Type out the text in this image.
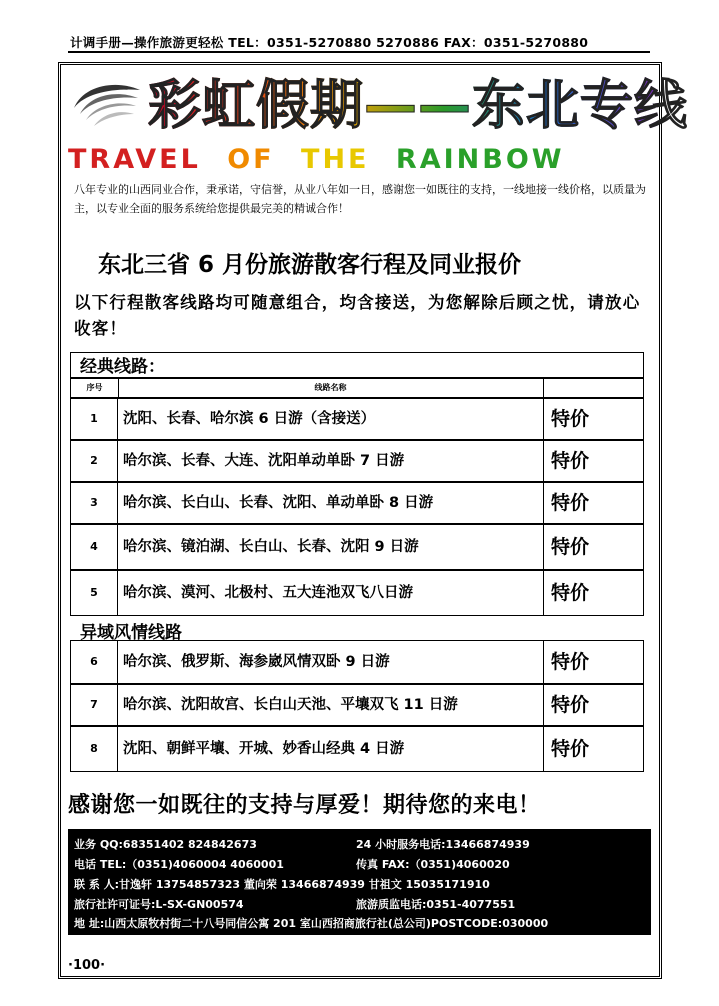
计调手册—操作旅游更轻松 TEL：0351-5270880 5270886 FAX：0351-5270880
彩虹假期——东北专线
TRAVEL OF THE RAINBOW
八年专业的山西同业合作，秉承诺，守信誉，从业八年如一日，感谢您一如既往的支持，一线地接一线价格，以质量为主，以专业全面的服务系统给您提供最完美的精诚合作！
东北三省 6 月份旅游散客行程及同业报价
以下行程散客线路均可随意组合，均含接送，为您解除后顾之忧，请放心收客！
经典线路：
序号	线路名称
1	沈阳、长春、哈尔滨 6 日游（含接送）	特价
2	哈尔滨、长春、大连、沈阳单动单卧 7 日游	特价
3	哈尔滨、长白山、长春、沈阳、单动单卧 8 日游	特价
4	哈尔滨、镜泊湖、长白山、长春、沈阳 9 日游	特价
5	哈尔滨、漠河、北极村、五大连池双飞八日游	特价
异域风情线路
6	哈尔滨、俄罗斯、海参崴风情双卧 9 日游	特价
7	哈尔滨、沈阳故宫、长白山天池、平壤双飞 11 日游	特价
8	沈阳、朝鲜平壤、开城、妙香山经典 4 日游	特价
感谢您一如既往的支持与厚爱！期待您的来电！
业务 QQ:68351402 824842673	24 小时服务电话:13466874939
电话 TEL:（0351)4060004 4060001	传真 FAX:（0351)4060020
联 系 人:甘逸轩 13754857323 董向荣 13466874939 甘祖文 15035171910
旅行社许可证号:L-SX-GN00574	旅游质监电话:0351-4077551
地 址:山西太原牧村街二十八号同信公寓 201 室山西招商旅行社(总公司)POSTCODE:030000
·100·
